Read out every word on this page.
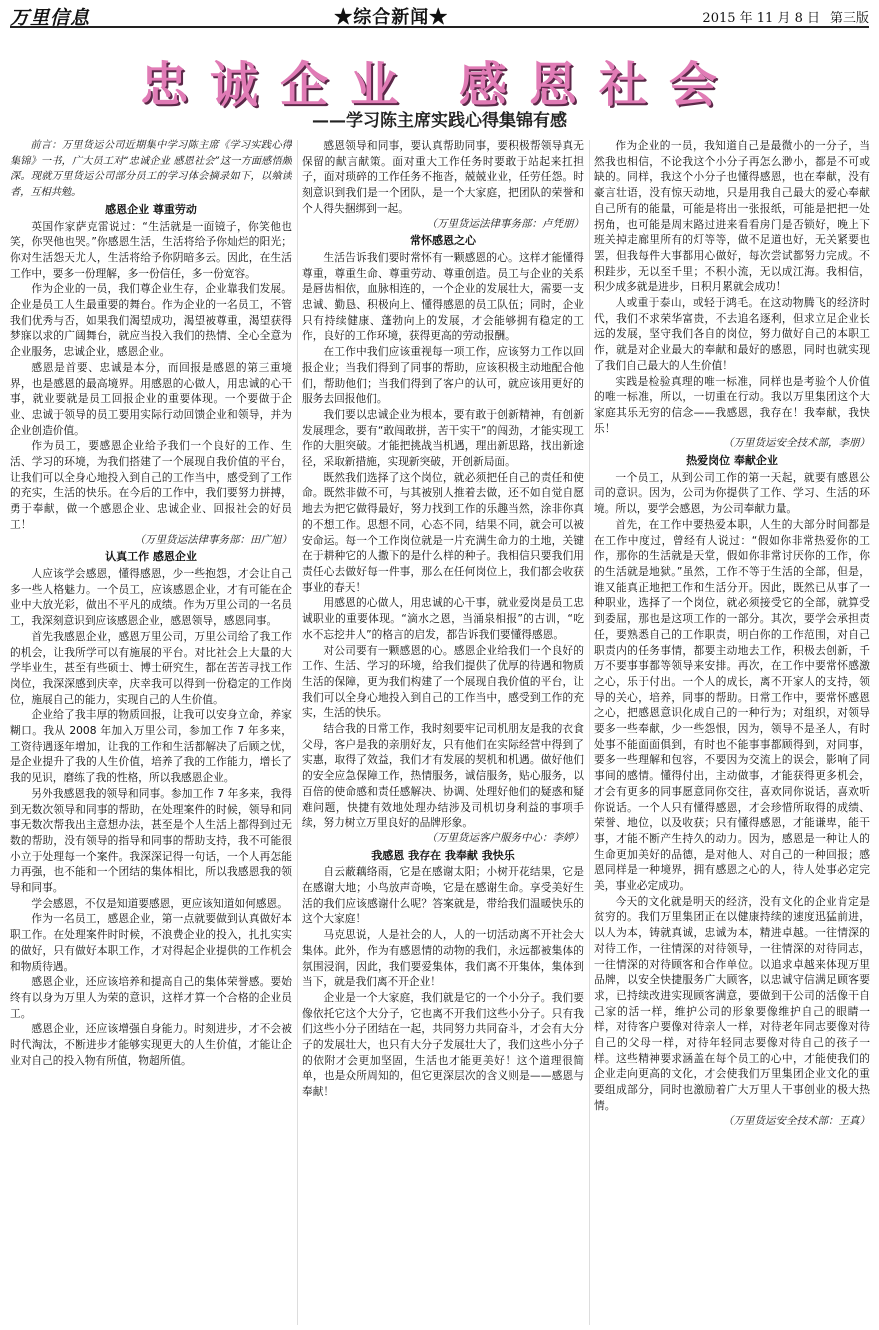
万里信息	★综合新闻★	2015 年 11 月 8 日 第三版
忠诚企业 感恩社会
——学习陈主席实践心得集锦有感

前言：万里货运公司近期集中学习陈主席《学习实践心得集锦》一书，广大员工对“忠诚企业 感恩社会”这一方面感悟颇深。现就万里货运公司部分员工的学习体会摘录如下，以飨读者，互相共勉。

感恩企业 尊重劳动

英国作家萨克雷说过：“生活就是一面镜子，你笑他也笑，你哭他也哭。”你感恩生活，生活将给予你灿烂的阳光；你对生活怨天尤人，生活将给予你阴暗多云。因此，在生活工作中，要多一份理解，多一份信任，多一份宽容。

作为企业的一员，我们尊企业生存，企业靠我们发展。企业是员工人生最重要的舞台。作为企业的一名员工，不管我们优秀与否，如果我们渴望成功，渴望被尊重，渴望获得梦寐以求的广阔舞台，就应当投入我们的热情、全心全意为企业服务，忠诚企业，感恩企业。

感恩是首要、忠诚是本分，而回报是感恩的第三重境界，也是感恩的最高境界。用感恩的心做人，用忠诚的心干事，就业要就是员工回报企业的重要体现。一个要做于企业、忠诚于领导的员工要用实际行动回馈企业和领导，并为企业创造价值。

作为员工，要感恩企业给予我们一个良好的工作、生活、学习的环境，为我们搭建了一个展现自我价值的平台，让我们可以全身心地投入到自己的工作当中，感受到了工作的充实，生活的快乐。在今后的工作中，我们要努力拼搏，勇于奉献，做一个感恩企业、忠诚企业、回报社会的好员工！

（万里货运法律事务部：田广旭）

认真工作 感恩企业

人应该学会感恩，懂得感恩，少一些抱怨，才会让自己多一些人格魅力。一个员工，应该感恩企业，才有可能在企业中大放光彩，做出不平凡的成绩。作为万里公司的一名员工，我深刻意识到应该感恩企业，感恩领导，感恩同事。

首先我感恩企业，感恩万里公司，万里公司给了我工作的机会，让我所学可以有施展的平台。对比社会上大量的大学毕业生，甚至有些硕士、博士研究生，都在苦苦寻找工作岗位，我深深感到庆幸，庆幸我可以得到一份稳定的工作岗位，施展自己的能力，实现自己的人生价值。

企业给了我丰厚的物质回报，让我可以安身立命，养家糊口。我从 2008 年加入万里公司，参加工作 7 年多来，工资待遇逐年增加，让我的工作和生活都解决了后顾之忧，是企业提升了我的人生价值，培养了我的工作能力，增长了我的见识，磨练了我的性格，所以我感恩企业。

另外我感恩我的领导和同事。参加工作 7 年多来，我得到无数次领导和同事的帮助，在处理案件的时候，领导和同事无数次帮我出主意想办法，甚至是个人生活上都得到过无数的帮助，没有领导的指导和同事的帮助支持，我不可能很小立于处理每一个案件。我深深记得一句话，一个人再怎能力再强，也不能和一个团结的集体相比，所以我感恩我的领导和同事。

学会感恩，不仅是知道要感恩，更应该知道如何感恩。

作为一名员工，感恩企业，第一点就要做到认真做好本职工作。在处理案件时时候，不浪费企业的投入，扎扎实实的做好，只有做好本职工作，才对得起企业提供的工作机会和物质待遇。

感恩企业，还应该培养和提高自己的集体荣誉感。要始终有以身为万里人为荣的意识，这样才算一个合格的企业员工。

感恩企业，还应该增强自身能力。时刻进步，才不会被时代淘汰，不断进步才能够实现更大的人生价值，才能让企业对自己的投入物有所值，物超所值。

感恩领导和同事，要认真帮助同事，要积极帮领导真无保留的献言献策。面对重大工作任务时要敢于站起来扛担子，面对琐碎的工作任务不拖沓，兢兢业业，任劳任怨。时刻意识到我们是一个团队，是一个大家庭，把团队的荣誉和个人得失捆绑到一起。

（万里货运法律事务部：卢凭朋）

常怀感恩之心

生活告诉我们要时常怀有一颗感恩的心。这样才能懂得尊重，尊重生命、尊重劳动、尊重创造。员工与企业的关系是唇齿相依，血脉相连的，一个企业的发展壮大，需要一支忠诚、勤恳、积极向上、懂得感恩的员工队伍；同时，企业只有持续健康、蓬勃向上的发展，才会能够拥有稳定的工作，良好的工作环境，获得更高的劳动报酬。

在工作中我们应该重视每一项工作，应该努力工作以回报企业；当我们得到了同事的帮助，应该积极主动地配合他们，帮助他们；当我们得到了客户的认可，就应该用更好的服务去回报他们。

我们要以忠诚企业为根本，要有敢于创新精神，有创新发展理念，要有“敢闯敢拼，苦干实干”的闯劲，才能实现工作的大胆突破。才能把挑战当机遇，理出新思路，找出新途径，采取新措施，实现新突破，开创新局面。

既然我们选择了这个岗位，就必须把任自己的责任和使命。既然非做不可，与其被别人推着去做，还不如自觉自愿地去为把它做得最好，努力找到工作的乐趣当然，涂非你真的不想工作。思想不同，心态不同，结果不同，就会可以被安命运。每一个工作岗位就是一片充满生命力的土地，关键在于耕种它的人撒下的是什么样的种子。我相信只要我们用责任心去做好每一件事，那么在任何岗位上，我们都会收获事业的春天！

用感恩的心做人，用忠诚的心干事，就业爱岗是员工忠诚职业的重要体现。“滴水之恩，当涌泉相报”的古训，“吃水不忘挖井人”的格言的启发，都告诉我们要懂得感恩。

对公司要有一颗感恩的心。感恩企业给我们一个良好的工作、生活、学习的环境，给我们提供了优厚的待遇和物质生活的保障，更为我们构建了一个展现自我价值的平台，让我们可以全身心地投入到自己的工作当中，感受到工作的充实，生活的快乐。

结合我的日常工作，我时刻要牢记司机朋友是我的衣食父母，客户是我的亲朋好友，只有他们在实际经营中得到了实惠，取得了效益，我们才有发展的契机和机遇。做好他们的安全应急保障工作，热情服务，诚信服务，贴心服务，以百倍的使命感和责任感解决、协调、处理好他们的疑惑和疑难问题，快捷有效地处理办结涉及司机切身利益的事项手续，努力树立万里良好的品牌形象。

（万里货运客户服务中心：李婷）

我感恩 我存在 我奉献 我快乐

自云蔽藕络雨，它是在感谢太阳；小树开花结果，它是在感谢大地；小鸟放声奇唤，它是在感谢生命。享受美好生活的我们应该感谢什么呢？答案就是，带给我们温暖快乐的这个大家庭！

马克思说，人是社会的人，人的一切活动离不开社会大集体。此外，作为有感恩情的动物的我们，永远都被集体的氛围浸润，因此，我们要爱集体，我们离不开集体，集体到当下，就是我们离不开企业！

企业是一个大家庭，我们就是它的一个小分子。我们要像依托它这个大分子，它也离不开我们这些小分子。只有我们这些小分子团结在一起，共同努力共同奋斗，才会有大分子的发展壮大，也只有大分子发展壮大了，我们这些小分子的依附才会更加坚固，生活也才能更美好！这个道理很简单，也是众所周知的，但它更深层次的含义则是——感恩与奉献！

作为企业的一员，我知道自己是最微小的一分子，当然我也相信，不论我这个小分子再怎么渺小，都是不可或缺的。同样，我这个小分子也懂得感恩，也在奉献，没有豪言壮语，没有惊天动地，只是用我自己最大的爱心奉献自己所有的能量，可能是将出一张报纸，可能是把把一处拐角，也可能是周末路过进来看看房门是否锁好，晚上下班关掉走廊里所有的灯等等，做不足道也好，无关紧要也罢，但我每件大事都用心做好，每次尝试都努力完成。不积跬步，无以至千里；不积小流，无以成江海。我相信，积少成多就是进步，日积月累就会成功！

人或重于泰山，或轻于鸿毛。在这动物腾飞的经济时代，我们不求荣华富贵，不去追名逐利，但求立足企业长远的发展，坚守我们各自的岗位，努力做好自己的本职工作，就是对企业最大的奉献和最好的感恩，同时也就实现了我们自己最大的人生价值！

实践是检验真理的唯一标准，同样也是考验个人价值的唯一标准，所以，一切重在行动。我以万里集团这个大家庭其乐无穷的信念——我感恩，我存在！我奉献，我快乐！

（万里货运安全技术部，李朋）

热爱岗位 奉献企业

一个员工，从到公司工作的第一天起，就要有感恩公司的意识。因为，公司为你提供了工作、学习、生活的环境。所以，要学会感恩，为公司奉献力量。

首先，在工作中要热爱本职，人生的大部分时间都是在工作中度过，曾经有人说过：“假如你非常热爱你的工作，那你的生活就是天堂，假如你非常讨厌你的工作，你的生活就是地狱。”虽然，工作不等于生活的全部，但是，谁又能真正地把工作和生活分开。因此，既然已从事了一种职业，选择了一个岗位，就必须接受它的全部，就算受到委屈，那也是这项工作的一部分。其次，要学会承担责任，要熟悉自己的工作职责，明白你的工作范围，对自己职责内的任务事情，都要主动地去工作，积极去创新，千万不要事事都等领导来安排。再次，在工作中要常怀感激之心，乐于付出。一个人的成长，离不开家人的支持，领导的关心，培养，同事的帮助。日常工作中，要常怀感恩之心，把感恩意识化成自己的一种行为；对组织，对领导要多一些奉献，少一些怨恨，因为，领导不是圣人，有时处事不能面面俱到，有时也不能事事都顾得到，对同事，要多一些理解和包容，不要因为交流上的误会，影响了同事间的感情。懂得付出，主动做事，才能获得更多机会，才会有更多的同事愿意同你交往，喜欢同你说话，喜欢听你说话。一个人只有懂得感恩，才会珍惜所取得的成绩、荣誉、地位，以及收获；只有懂得感恩，才能谦卑，能干事，才能不断产生持久的动力。因为，感恩是一种让人的生命更加美好的品德，是对他人、对自己的一种回报；感恩同样是一种境界，拥有感恩之心的人，待人处事必定完美，事业必定成功。

今天的文化就是明天的经济，没有文化的企业肯定是贫穷的。我们万里集团正在以健康持续的速度迅猛前进，以人为本，铸就真诚，忠诚为本，精进卓越。一往情深的对待工作，一往情深的对待领导，一往情深的对待同志，一往情深的对待顾客和合作单位。以追求卓越来体现万里品牌，以安全快捷服务广大顾客，以忠诚守信满足顾客要求，已持续改进实现顾客满意，要做到干公司的活像干自己家的活一样，维护公司的形象要像维护自己的眼睛一样，对待客户要像对待亲人一样，对待老年同志要像对待自己的父母一样，对待年轻同志要像对待自己的孩子一样。这些精神要求涵盖在每个员工的心中，才能使我们的企业走向更高的文化，才会使我们万里集团企业文化的重要组成部分，同时也激励着广大万里人干事创业的极大热情。

（万里货运安全技术部：王真）
